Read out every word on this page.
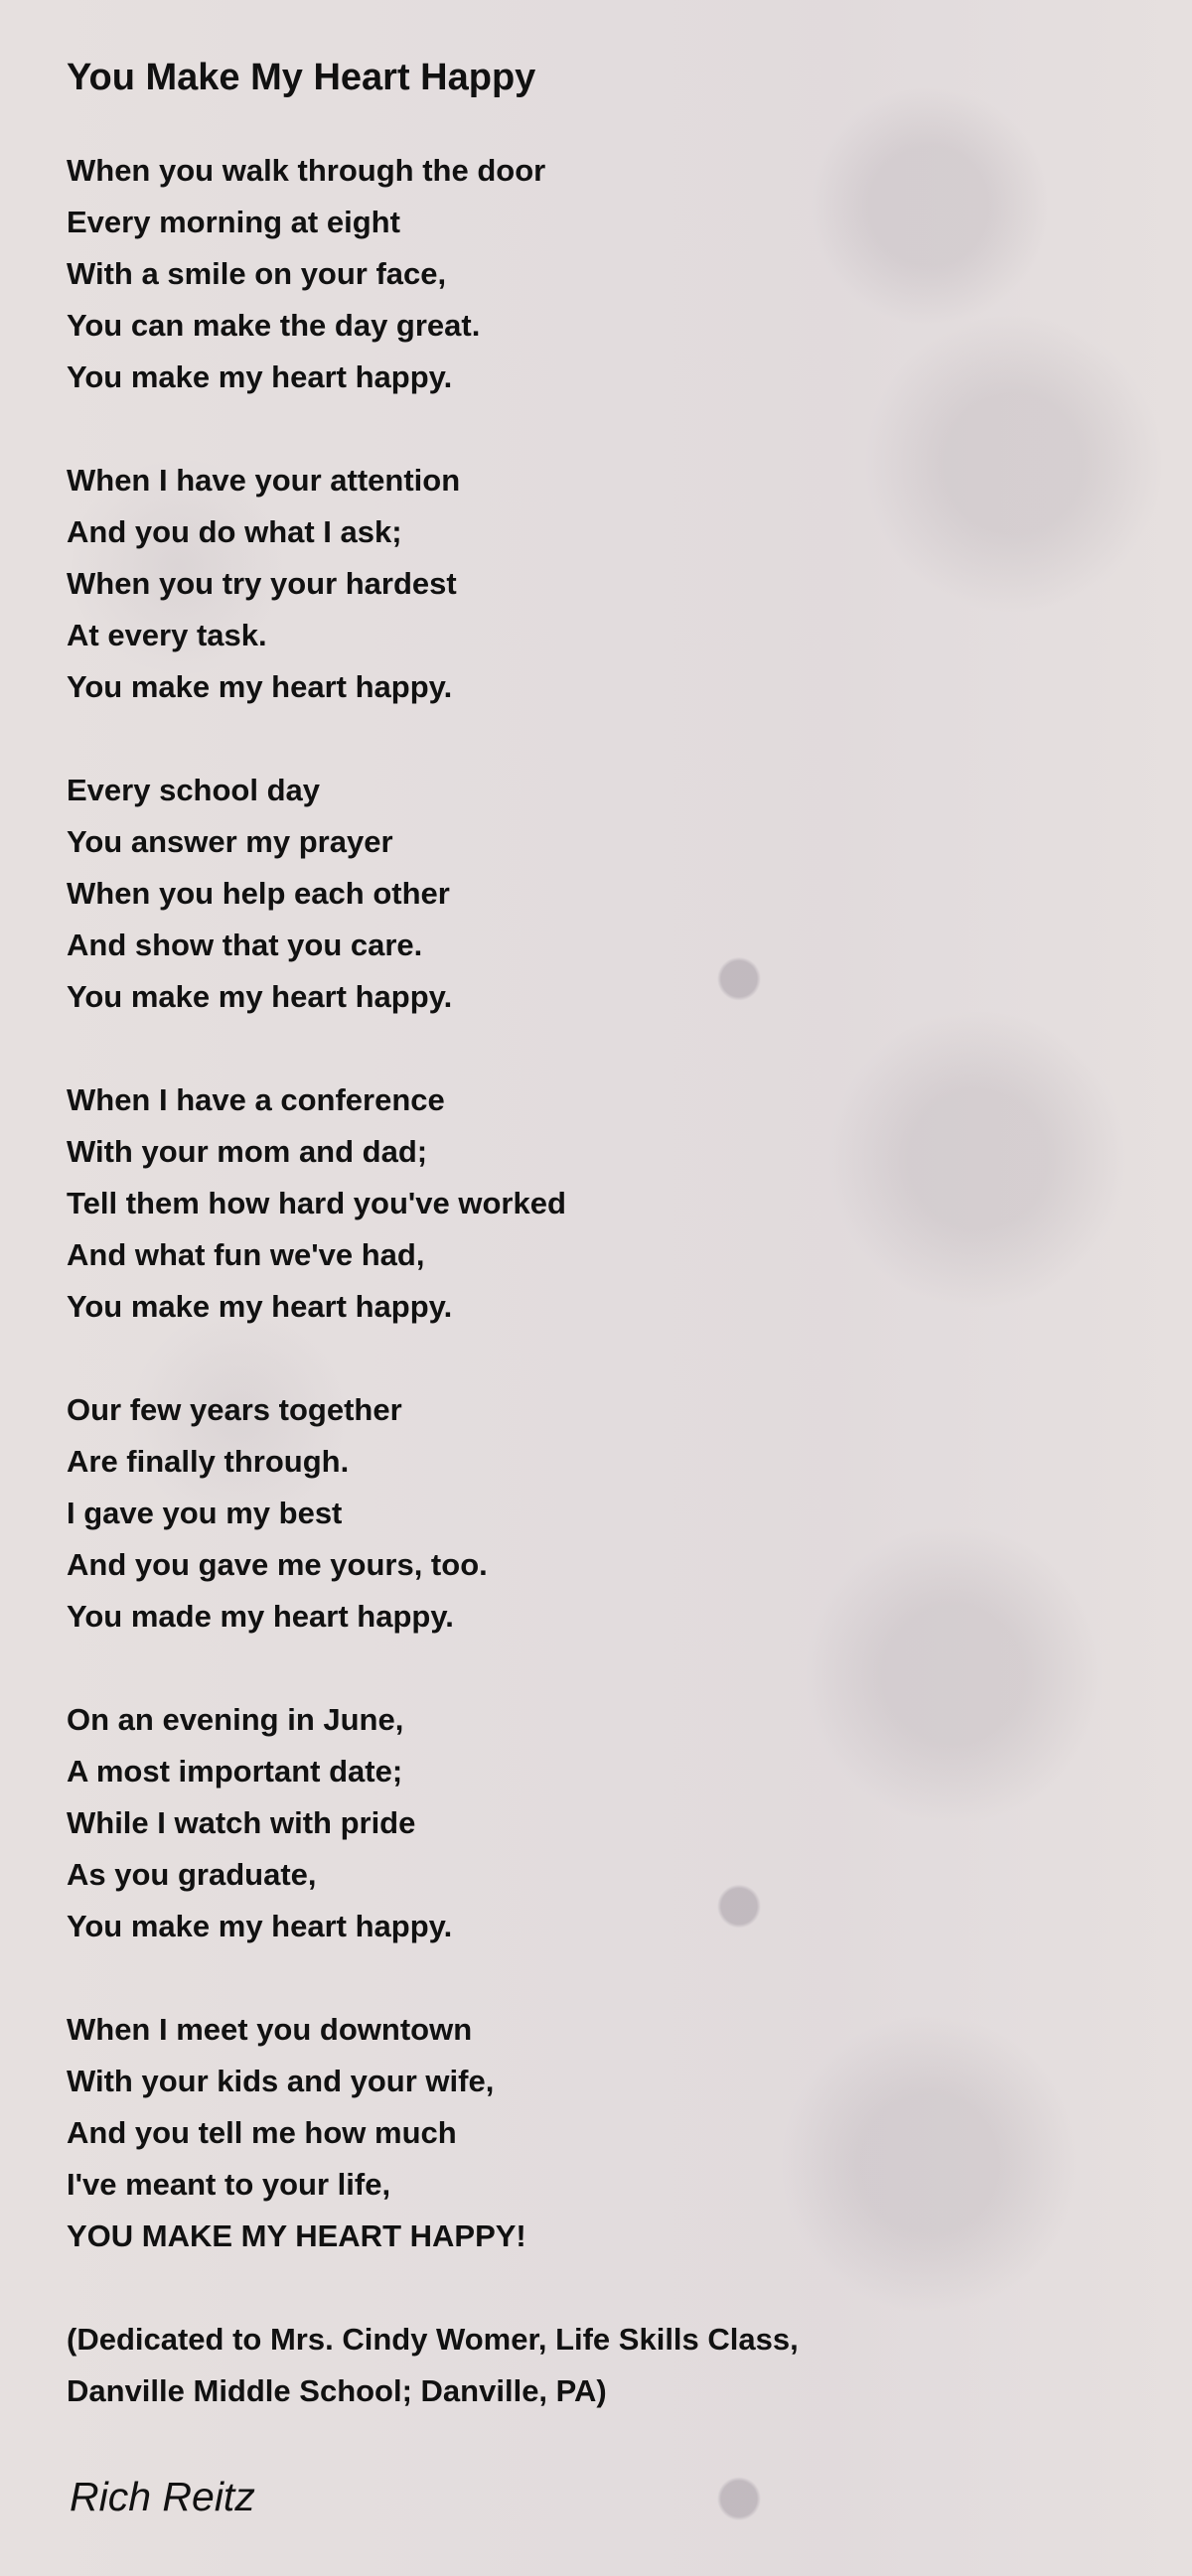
You Make My Heart Happy
When you walk through the door
Every morning at eight
With a smile on your face,
You can make the day great.
You make my heart happy.
When I have your attention
And you do what I ask;
When you try your hardest
At every task.
You make my heart happy.
Every school day
You answer my prayer
When you help each other
And show that you care.
You make my heart happy.
When I have a conference
With your mom and dad;
Tell them how hard you've worked
And what fun we've had,
You make my heart happy.
Our few years together
Are finally through.
I gave you my best
And you gave me yours, too.
You made my heart happy.
On an evening in June,
A most important date;
While I watch with pride
As you graduate,
You make my heart happy.
When I meet you downtown
With your kids and your wife,
And you tell me how much
I've meant to your life,
YOU MAKE MY HEART HAPPY!
(Dedicated to Mrs. Cindy Womer, Life Skills Class,
Danville Middle School; Danville, PA)
Rich Reitz
